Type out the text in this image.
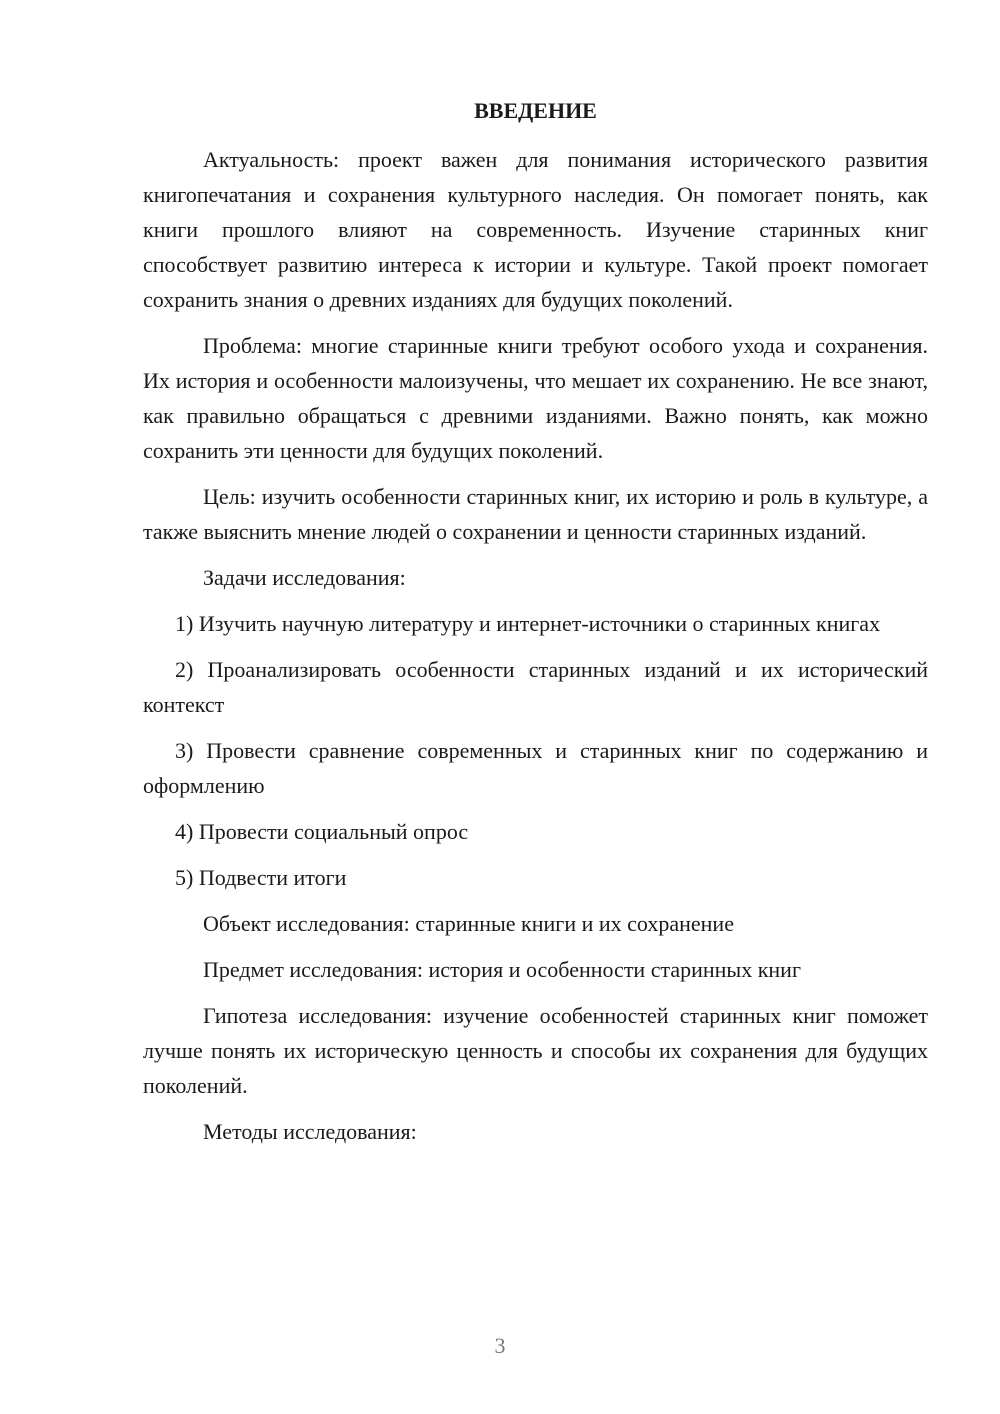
ВВЕДЕНИЕ

Актуальность: проект важен для понимания исторического развития книгопечатания и сохранения культурного наследия. Он помогает понять, как книги прошлого влияют на современность. Изучение старинных книг способствует развитию интереса к истории и культуре. Такой проект помогает сохранить знания о древних изданиях для будущих поколений.

Проблема: многие старинные книги требуют особого ухода и сохранения. Их история и особенности малоизучены, что мешает их сохранению. Не все знают, как правильно обращаться с древними изданиями. Важно понять, как можно сохранить эти ценности для будущих поколений.

Цель: изучить особенности старинных книг, их историю и роль в культуре, а также выяснить мнение людей о сохранении и ценности старинных изданий.

Задачи исследования:

1) Изучить научную литературу и интернет-источники о старинных книгах

2) Проанализировать особенности старинных изданий и их исторический контекст

3) Провести сравнение современных и старинных книг по содержанию и оформлению

4) Провести социальный опрос

5) Подвести итоги

Объект исследования: старинные книги и их сохранение

Предмет исследования: история и особенности старинных книг

Гипотеза исследования: изучение особенностей старинных книг поможет лучше понять их историческую ценность и способы их сохранения для будущих поколений.

Методы исследования:

3
